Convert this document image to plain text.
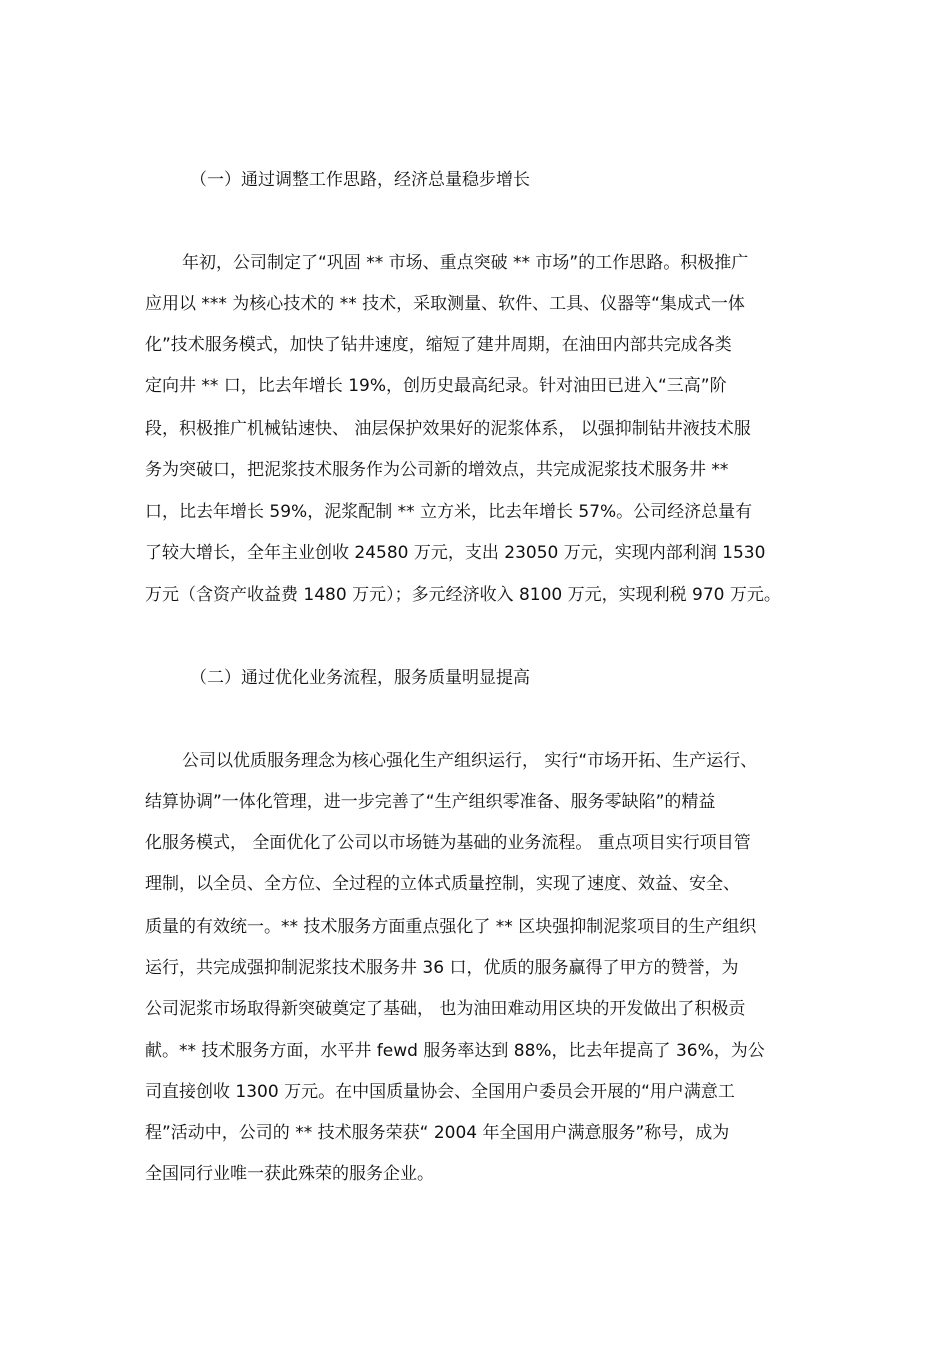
（一）通过调整工作思路，经济总量稳步增长
年初，公司制定了“巩固 ** 市场、重点突破 ** 市场”的工作思路。积极推广
应用以 *** 为核心技术的 ** 技术，采取测量、软件、工具、仪器等“集成式一体
化”技术服务模式，加快了钻井速度，缩短了建井周期，在油田内部共完成各类
定向井 ** 口，比去年增长 19%，创历史最高纪录。针对油田已进入“三高”阶
段，积极推广机械钻速快、 油层保护效果好的泥浆体系， 以强抑制钻井液技术服
务为突破口，把泥浆技术服务作为公司新的增效点，共完成泥浆技术服务井 **
口，比去年增长 59%，泥浆配制 ** 立方米，比去年增长 57%。公司经济总量有
了较大增长，全年主业创收 24580 万元，支出 23050 万元，实现内部利润 1530
万元（含资产收益费 1480 万元）；多元经济收入 8100 万元，实现利税 970 万元。
（二）通过优化业务流程，服务质量明显提高
公司以优质服务理念为核心强化生产组织运行， 实行“市场开拓、生产运行、
结算协调”一体化管理，进一步完善了“生产组织零准备、服务零缺陷”的精益
化服务模式， 全面优化了公司以市场链为基础的业务流程。 重点项目实行项目管
理制，以全员、全方位、全过程的立体式质量控制，实现了速度、效益、安全、
质量的有效统一。** 技术服务方面重点强化了 ** 区块强抑制泥浆项目的生产组织
运行，共完成强抑制泥浆技术服务井 36 口，优质的服务赢得了甲方的赞誉，为
公司泥浆市场取得新突破奠定了基础， 也为油田难动用区块的开发做出了积极贡
献。** 技术服务方面，水平井 fewd 服务率达到 88%，比去年提高了 36%，为公
司直接创收 1300 万元。在中国质量协会、全国用户委员会开展的“用户满意工
程”活动中，公司的 ** 技术服务荣获“ 2004 年全国用户满意服务”称号，成为
全国同行业唯一获此殊荣的服务企业。
